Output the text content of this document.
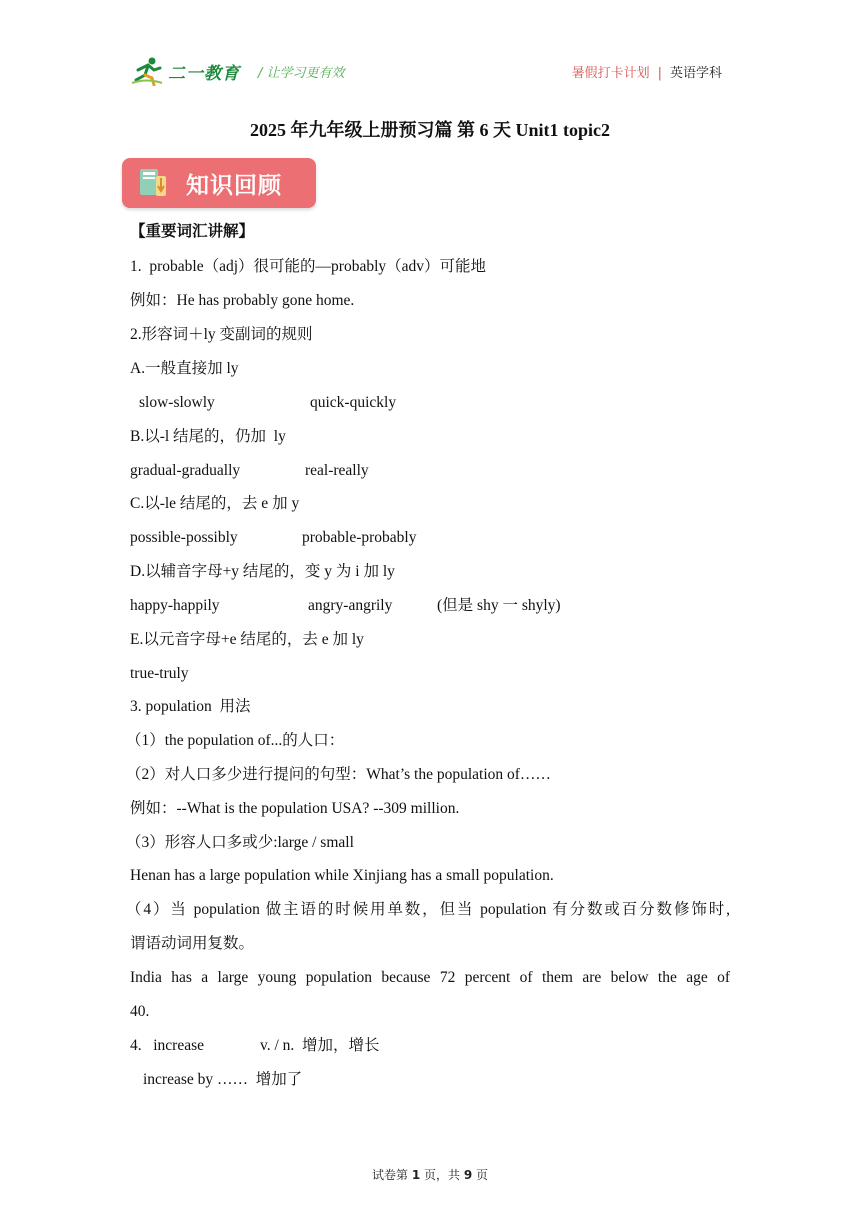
二一教育 / 让学习更有效	暑假打卡计划 | 英语学科
2025 年九年级上册预习篇 第 6 天 Unit1 topic2
知识回顾
【重要词汇讲解】
1.  probable（adj）很可能的—probably（adv）可能地
例如：He has probably gone home.
2.形容词＋ly 变副词的规则
A.一般直接加 ly
slow-slowly	quick-quickly
B.以-l 结尾的，仍加  ly
gradual-gradually	real-really
C.以-le 结尾的，去 e 加 y
possible-possibly	probable-probably
D.以辅音字母+y 结尾的，变 y 为 i 加 ly
happy-happily	angry-angrily	(但是 shy 一 shyly)
E.以元音字母+e 结尾的，去 e 加 ly
true-truly
3. population  用法
（1）the population of...的人口：
（2）对人口多少进行提问的句型：What’s the population of……
例如：--What is the population USA? --309 million.
（3）形容人口多或少:large / small
Henan has a large population while Xinjiang has a small population.
（4）当 population 做主语的时候用单数，但当 population 有分数或百分数修饰时,
谓语动词用复数。
India has a large young population because 72 percent of them are below the age of
40.
4.   increase	v. / n.  增加，增长
increase by ……  增加了
试卷第 1 页，共 9 页
